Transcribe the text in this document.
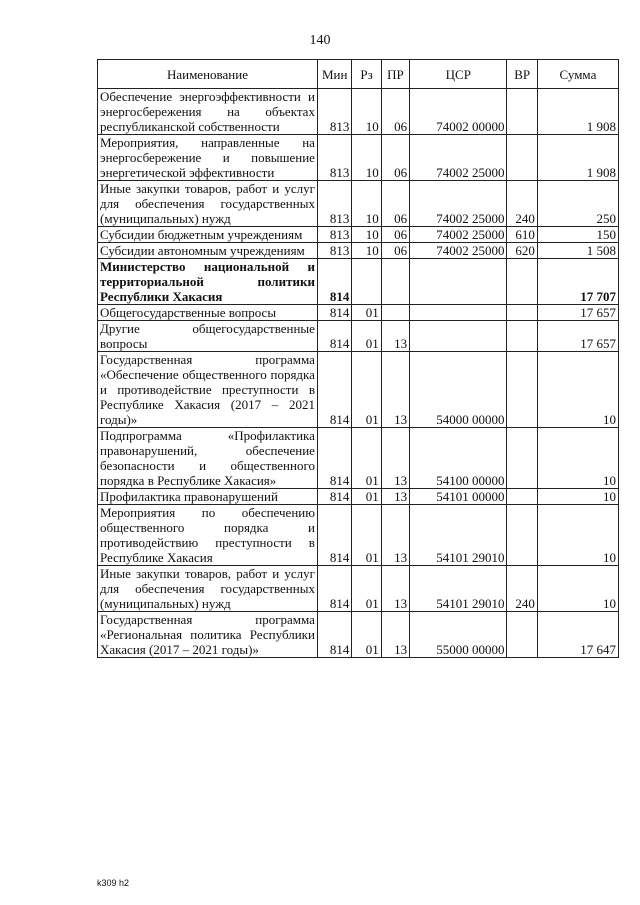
140
Наименование	Мин	Рз	ПР	ЦСР	ВР	Сумма
Обеспечение энергоэффективности и энергосбережения на объектах республиканской собственности	813	10	06	74002 00000		1 908
Мероприятия, направленные на энергосбережение и повышение энергетической эффективности	813	10	06	74002 25000		1 908
Иные закупки товаров, работ и услуг для обеспечения государственных (муниципальных) нужд	813	10	06	74002 25000	240	250
Субсидии бюджетным учреждениям	813	10	06	74002 25000	610	150
Субсидии автономным учреждениям	813	10	06	74002 25000	620	1 508
Министерство национальной и территориальной политики Республики Хакасия	814					17 707
Общегосударственные вопросы	814	01				17 657
Другие общегосударственные вопросы	814	01	13			17 657
Государственная программа «Обеспечение общественного порядка и противодействие преступности в Республике Хакасия (2017 – 2021 годы)»	814	01	13	54000 00000		10
Подпрограмма «Профилактика правонарушений, обеспечение безопасности и общественного порядка в Республике Хакасия»	814	01	13	54100 00000		10
Профилактика правонарушений	814	01	13	54101 00000		10
Мероприятия по обеспечению общественного порядка и противодействию преступности в Республике Хакасия	814	01	13	54101 29010		10
Иные закупки товаров, работ и услуг для обеспечения государственных (муниципальных) нужд	814	01	13	54101 29010	240	10
Государственная программа «Региональная политика Республики Хакасия (2017 – 2021 годы)»	814	01	13	55000 00000		17 647
k309 h2
